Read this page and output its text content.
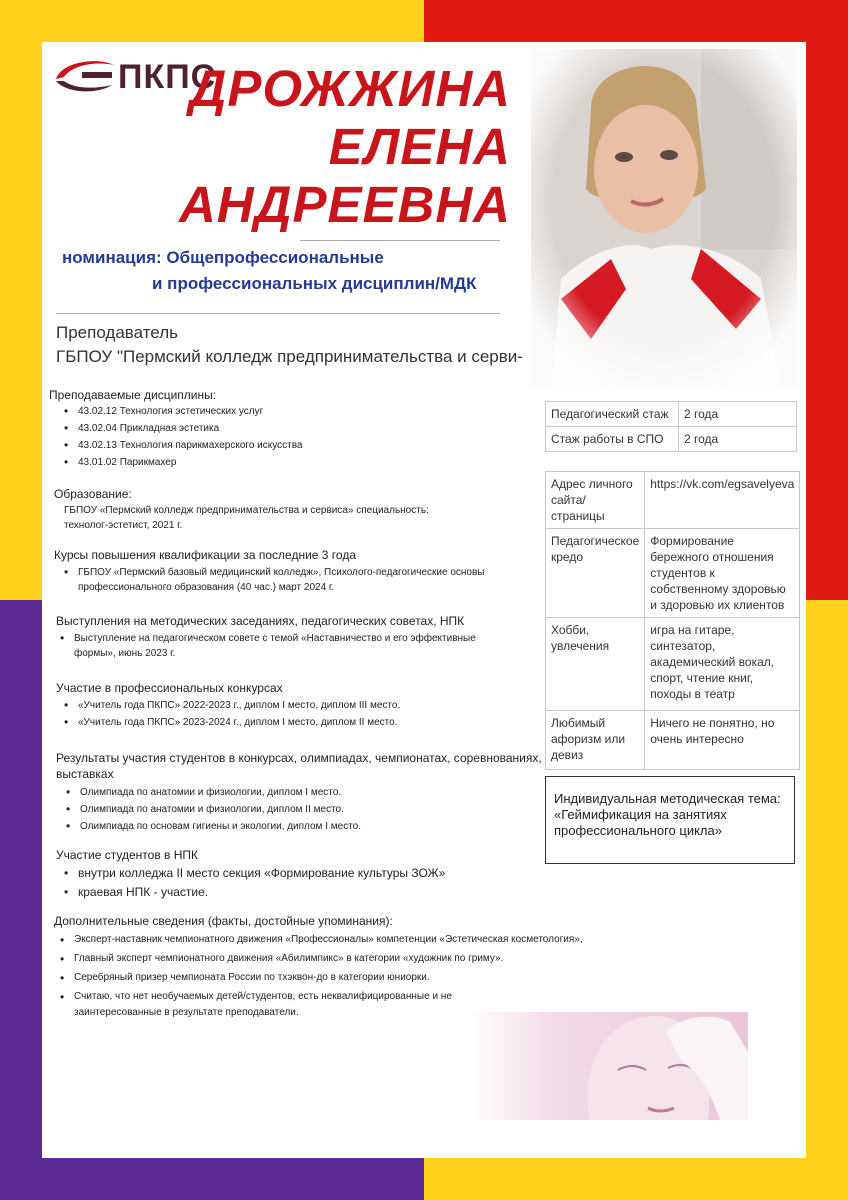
ПКПС
ДРОЖЖИНА
ЕЛЕНА
АНДРЕЕВНА
номинация: Общепрофессиональные
и профессиональных дисциплин/МДК
Преподаватель
ГБПОУ "Пермский колледж предпринимательства и серви-
Преподаваемые дисциплины:
• 43.02.12 Технология эстетических услуг
• 43.02.04 Прикладная эстетика
• 43.02.13 Технология парикмахерского искусства
• 43.01.02 Парикмахер
Образование:
ГБПОУ «Пермский колледж предпринимательства и сервиса» специальность:
технолог-эстетист, 2021 г.
Курсы повышения квалификации за последние 3 года
• ГБПОУ «Пермский базовый медицинский колледж», Психолого-педагогические основы профессионального образования (40 час.) март 2024 г.
Выступления на методических заседаниях, педагогических советах, НПК
• Выступление на педагогическом совете с темой «Наставничество и его эффективные формы», июнь 2023 г.
Участие в профессиональных конкурсах
• «Учитель года ПКПС» 2022-2023 г., диплом I место, диплом III место.
• «Учитель года ПКПС» 2023-2024 г., диплом I место, диплом II место.
Результаты участия студентов в конкурсах, олимпиадах, чемпионатах, соревнованиях,
выставках
• Олимпиада по анатомии и физиологии, диплом I место.
• Олимпиада по анатомии и физиологии, диплом II место.
• Олимпиада по основам гигиены и экологии, диплом I место.
Участие студентов в НПК
• внутри колледжа II место секция «Формирование культуры ЗОЖ»
• краевая НПК - участие.
Дополнительные сведения (факты, достойные упоминания):
• Эксперт-наставник чемпионатного движения «Профессионалы» компетенции «Эстетическая косметология»,
• Главный эксперт чемпионатного движения «Абилимпикс» в категории «художник по гриму».
• Серебряный призер чемпионата России по тхэквон-до в категории юниорки.
• Считаю, что нет необучаемых детей/студентов, есть неквалифицированные и не заинтересованные в результате преподаватели.
Педагогический стаж	2 года
Стаж работы в СПО	2 года
Адрес личного сайта/страницы	https://vk.com/egsavelyeva
Педагогическое кредо	Формирование бережного отношения студентов к собственному здоровью и здоровью их клиентов
Хобби, увлечения	игра на гитаре, синтезатор, академический вокал, спорт, чтение книг, походы в театр
Любимый афоризм или девиз	Ничего не понятно, но очень интересно
Индивидуальная методическая тема:
«Геймификация на занятиях профессионального цикла»
